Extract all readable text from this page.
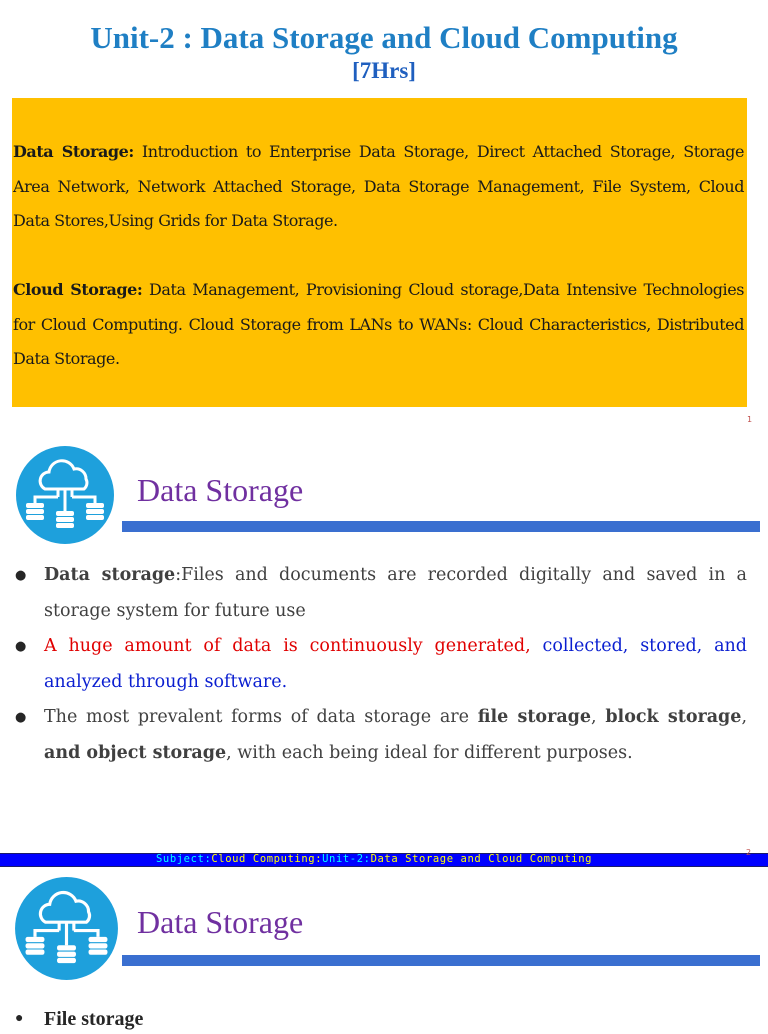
Unit-2 : Data Storage and Cloud Computing
[7Hrs]
Data Storage: Introduction to Enterprise Data Storage, Direct Attached Storage, Storage Area Network, Network Attached Storage, Data Storage Management, File System, Cloud Data Stores,Using Grids for Data Storage.
Cloud Storage: Data Management, Provisioning Cloud storage,Data Intensive Technologies for Cloud Computing. Cloud Storage from LANs to WANs: Cloud Characteristics, Distributed Data Storage.
1
Data Storage
● Data storage:Files and documents are recorded digitally and saved in a storage system for future use
● A huge amount of data is continuously generated, collected, stored, and analyzed through software.
● The most prevalent forms of data storage are file storage, block storage, and object storage, with each being ideal for different purposes.
Subject:Cloud Computing:Unit-2:Data Storage and Cloud Computing
2
Data Storage
● File storage
